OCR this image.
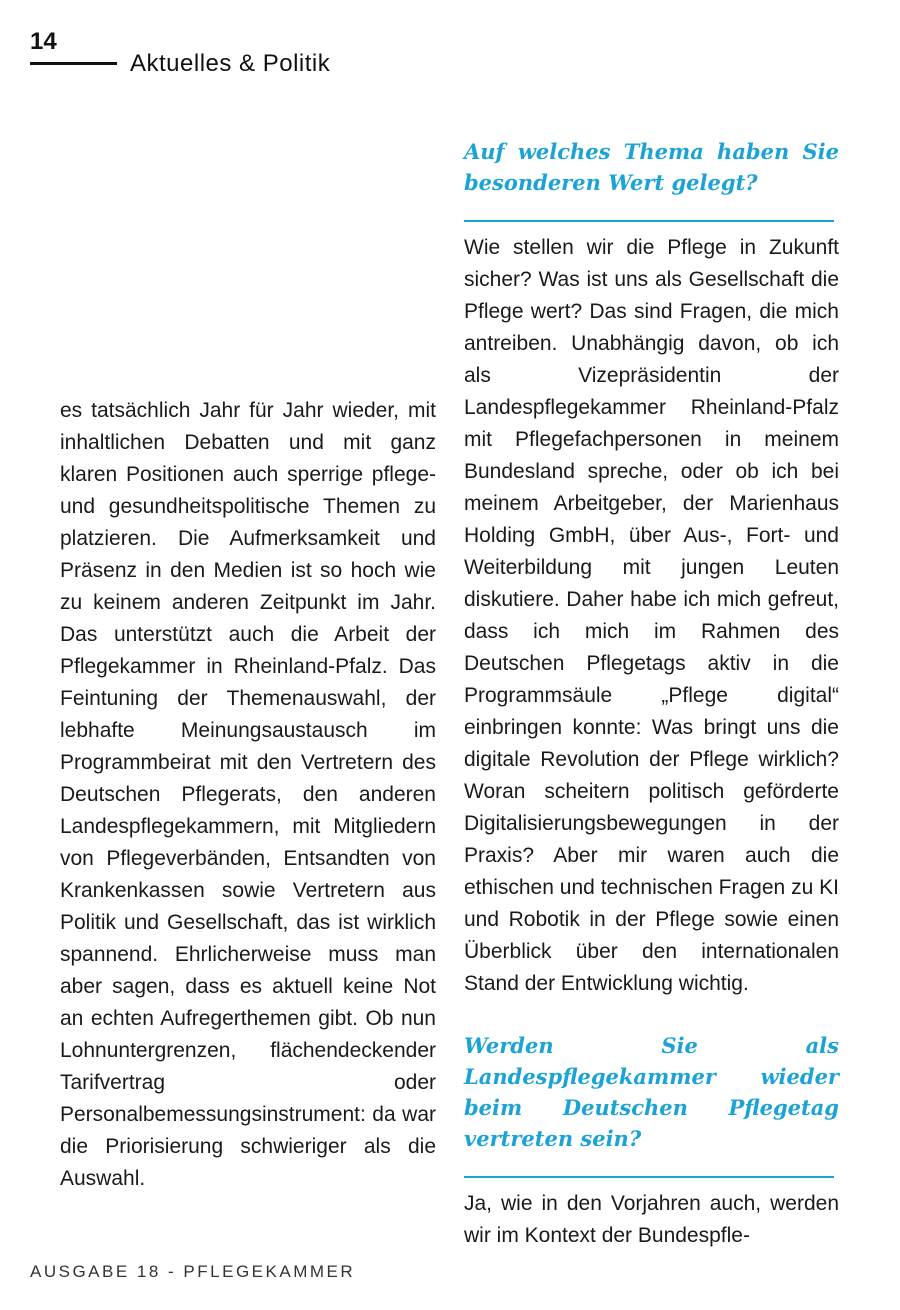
14
Aktuelles & Politik

es tatsächlich Jahr für Jahr wieder, mit inhaltlichen Debatten und mit ganz klaren Positionen auch sperrige pflege- und gesundheitspolitische Themen zu platzieren. Die Aufmerksamkeit und Präsenz in den Medien ist so hoch wie zu keinem anderen Zeitpunkt im Jahr. Das unterstützt auch die Arbeit der Pflegekammer in Rheinland-Pfalz. Das Feintuning der Themenauswahl, der lebhafte Meinungsaustausch im Programmbeirat mit den Vertretern des Deutschen Pflegerats, den anderen Landespflegekammern, mit Mitgliedern von Pflegeverbänden, Entsandten von Krankenkassen sowie Vertretern aus Politik und Gesellschaft, das ist wirklich spannend. Ehrlicherweise muss man aber sagen, dass es aktuell keine Not an echten Aufregerthemen gibt. Ob nun Lohnuntergrenzen, flächendeckender Tarifvertrag oder Personalbemessungsinstrument: da war die Priorisierung schwieriger als die Auswahl.

Auf welches Thema haben Sie besonderen Wert gelegt?

Wie stellen wir die Pflege in Zukunft sicher? Was ist uns als Gesellschaft die Pflege wert? Das sind Fragen, die mich antreiben. Unabhängig davon, ob ich als Vizepräsidentin der Landespflegekammer Rheinland-Pfalz mit Pflegefachpersonen in meinem Bundesland spreche, oder ob ich bei meinem Arbeitgeber, der Marienhaus Holding GmbH, über Aus-, Fort- und Weiterbildung mit jungen Leuten diskutiere. Daher habe ich mich gefreut, dass ich mich im Rahmen des Deutschen Pflegetags aktiv in die Programmsäule „Pflege digital“ einbringen konnte: Was bringt uns die digitale Revolution der Pflege wirklich? Woran scheitern politisch geförderte Digitalisierungsbewegungen in der Praxis? Aber mir waren auch die ethischen und technischen Fragen zu KI und Robotik in der Pflege sowie einen Überblick über den internationalen Stand der Entwicklung wichtig.

Werden Sie als Landespflegekammer wieder beim Deutschen Pflegetag vertreten sein?

Ja, wie in den Vorjahren auch, werden wir im Kontext der Bundespfle-

AUSGABE 18 - PFLEGEKAMMER
